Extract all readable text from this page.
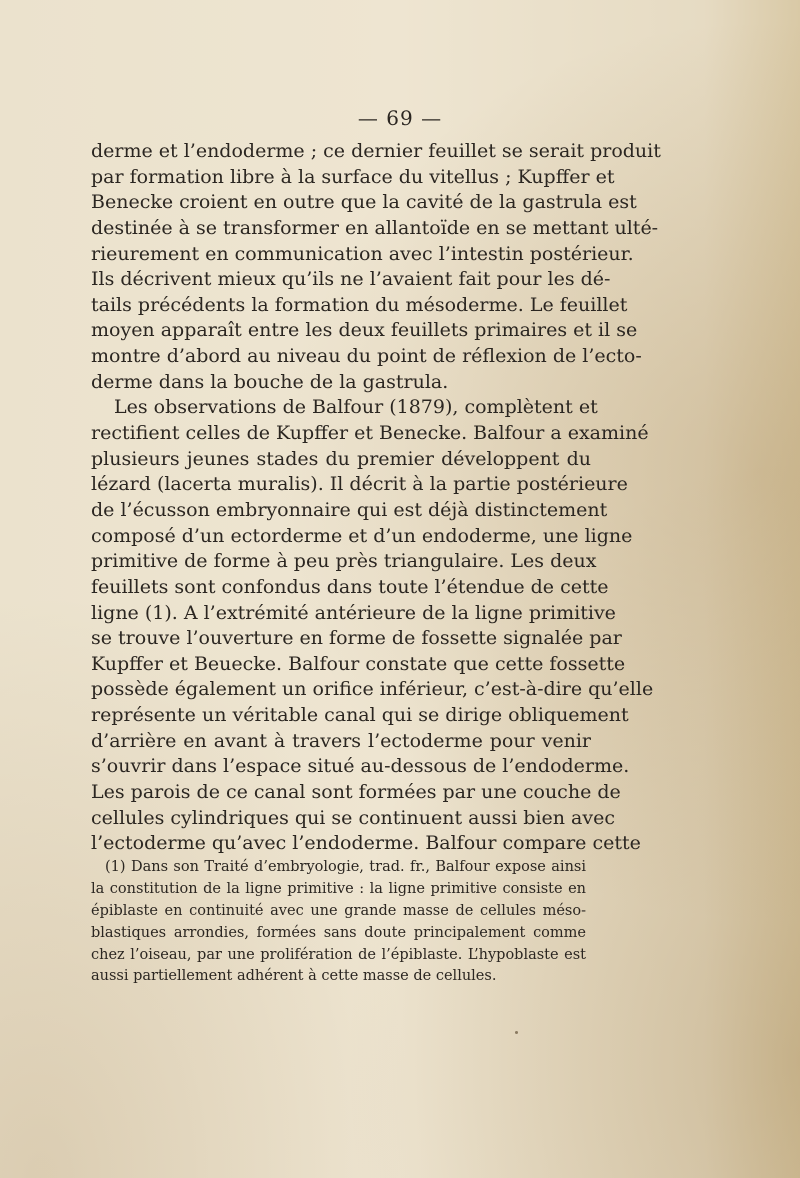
— 69 —
derme et l’endoderme ; ce dernier feuillet se serait produit
par formation libre à la surface du vitellus ; Kupffer et
Benecke croient en outre que la cavité de la gastrula est
destinée à se transformer en allantoïde en se mettant ulté-
rieurement en communication avec l’intestin postérieur.
Ils décrivent mieux qu’ils ne l’avaient fait pour les dé-
tails précédents la formation du mésoderme. Le feuillet
moyen apparaît entre les deux feuillets primaires et il se
montre d’abord au niveau du point de réflexion de l’ecto-
derme dans la bouche de la gastrula.
Les observations de Balfour (1879), complètent et
rectifient celles de Kupffer et Benecke. Balfour a examiné
plusieurs jeunes stades du premier développent du
lézard (lacerta muralis). Il décrit à la partie postérieure
de l’écusson embryonnaire qui est déjà distinctement
composé d’un ectorderme et d’un endoderme, une ligne
primitive de forme à peu près triangulaire. Les deux
feuillets sont confondus dans toute l’étendue de cette
ligne (1). A l’extrémité antérieure de la ligne primitive
se trouve l’ouverture en forme de fossette signalée par
Kupffer et Beuecke. Balfour constate que cette fossette
possède également un orifice inférieur, c’est-à-dire qu’elle
représente un véritable canal qui se dirige obliquement
d’arrière en avant à travers l’ectoderme pour venir
s’ouvrir dans l’espace situé au-dessous de l’endoderme.
Les parois de ce canal sont formées par une couche de
cellules cylindriques qui se continuent aussi bien avec
l’ectoderme qu’avec l’endoderme. Balfour compare cette
(1) Dans son Traité d’embryologie, trad. fr., Balfour expose ainsi
la constitution de la ligne primitive : la ligne primitive consiste en
épiblaste en continuité avec une grande masse de cellules méso-
blastiques arrondies, formées sans doute principalement comme
chez l’oiseau, par une prolifération de l’épiblaste. L’hypoblaste est
aussi partiellement adhérent à cette masse de cellules.
